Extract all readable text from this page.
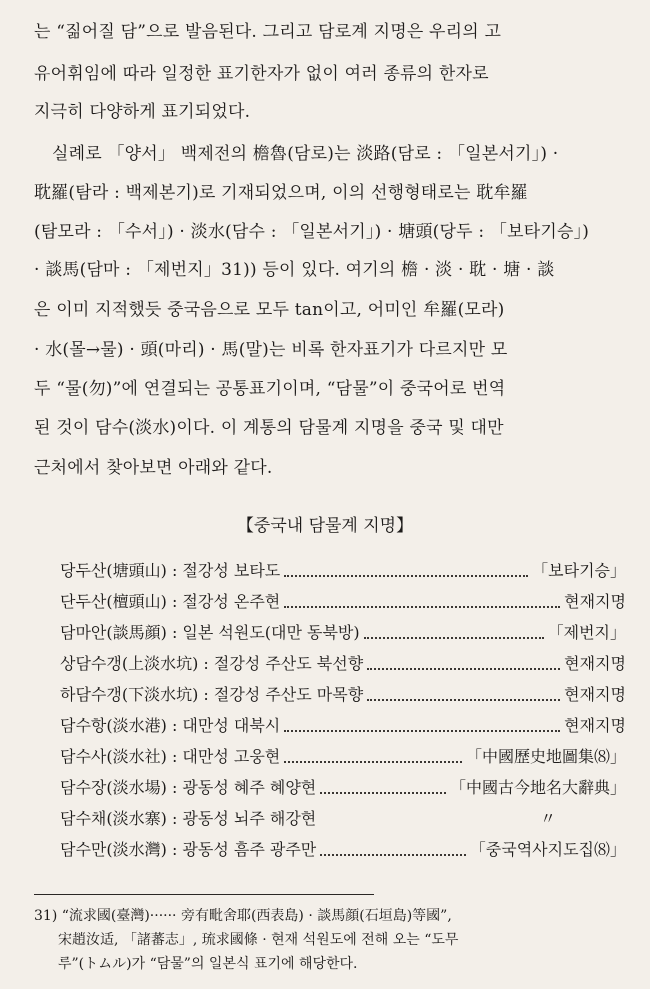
는 “짊어질 담”으로 발음된다. 그리고 담로계 지명은 우리의 고
유어휘임에 따라 일정한 표기한자가 없이 여러 종류의 한자로
지극히 다양하게 표기되었다.
실례로 「양서」 백제전의 檐魯(담로)는 淡路(담로 : 「일본서기」) ·
耽羅(탐라 : 백제본기)로 기재되었으며, 이의 선행형태로는 耽牟羅
(탐모라 : 「수서」) · 淡水(담수 : 「일본서기」) · 塘頭(당두 : 「보타기승」)
· 談馬(담마 : 「제번지」31)) 등이 있다. 여기의 檐 · 淡 · 耽 · 塘 · 談
은 이미 지적했듯 중국음으로 모두 tan이고, 어미인 牟羅(모라)
· 水(몰→물) · 頭(마리) · 馬(말)는 비록 한자표기가 다르지만 모
두 “물(勿)”에 연결되는 공통표기이며, “담물”이 중국어로 번역
된 것이 담수(淡水)이다. 이 계통의 담물계 지명을 중국 및 대만
근처에서 찾아보면 아래와 같다.
【중국내 담물계 지명】
당두산(塘頭山) : 절강성 보타도	「보타기승」
단두산(檀頭山) : 절강성 온주현	현재지명
담마안(談馬顔) : 일본 석원도(대만 동북방)	「제번지」
상담수갱(上淡水坑) : 절강성 주산도 북선향	현재지명
하담수갱(下淡水坑) : 절강성 주산도 마목향	현재지명
담수항(淡水港) : 대만성 대북시	현재지명
담수사(淡水社) : 대만성 고웅현	「中國歷史地圖集⑻」
담수장(淡水場) : 광동성 혜주 혜양현	「中國古今地名大辭典」
담수채(淡水寨) : 광동성 뇌주 해강현	〃
담수만(淡水灣) : 광동성 흠주 광주만	「중국역사지도집⑻」
31) “流求國(臺灣)······ 旁有毗舍耶(西表島) · 談馬顔(石垣島)等國”,
宋趙汝适, 「諸蕃志」, 琉求國條 · 현재 석원도에 전해 오는 “도무
루”(トムル)가 “담물”의 일본식 표기에 해당한다.
